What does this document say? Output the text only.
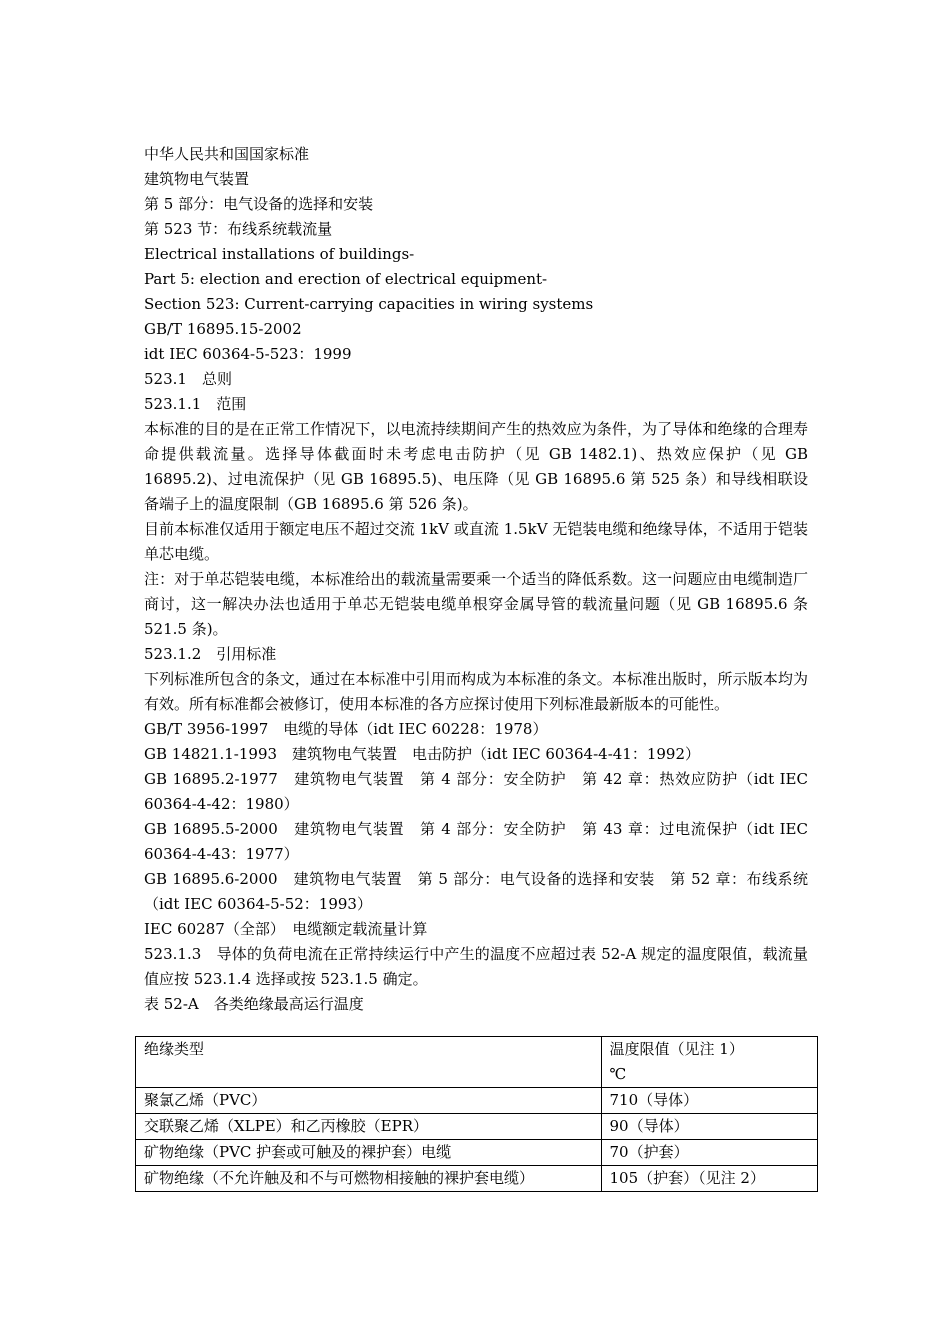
中华人民共和国国家标准
建筑物电气装置
第 5 部分：电气设备的选择和安装
第 523 节：布线系统载流量
Electrical installations of buildings-
Part 5: election and erection of electrical equipment-
Section 523: Current-carrying capacities in wiring systems
GB/T 16895.15-2002
idt IEC 60364-5-523：1999
523.1　总则
523.1.1　范围
本标准的目的是在正常工作情况下，以电流持续期间产生的热效应为条件，为了导体和绝缘的合理寿命提供载流量。选择导体截面时未考虑电击防护（见 GB 1482.1)、热效应保护（见 GB 16895.2)、过电流保护（见 GB 16895.5)、电压降（见 GB 16895.6 第 525 条）和导线相联设备端子上的温度限制（GB 16895.6 第 526 条)。
目前本标准仅适用于额定电压不超过交流 1kV 或直流 1.5kV 无铠装电缆和绝缘导体，不适用于铠装单芯电缆。
注：对于单芯铠装电缆，本标准给出的载流量需要乘一个适当的降低系数。这一问题应由电缆制造厂商讨，这一解决办法也适用于单芯无铠装电缆单根穿金属导管的载流量问题（见 GB 16895.6 条 521.5 条)。
523.1.2　引用标准
下列标准所包含的条文，通过在本标准中引用而构成为本标准的条文。本标准出版时，所示版本均为有效。所有标准都会被修订，使用本标准的各方应探讨使用下列标准最新版本的可能性。
GB/T 3956-1997　电缆的导体（idt IEC 60228：1978）
GB 14821.1-1993　建筑物电气装置　电击防护（idt IEC 60364-4-41：1992）
GB 16895.2-1977　建筑物电气装置　第 4 部分：安全防护　第 42 章：热效应防护（idt IEC 60364-4-42：1980）
GB 16895.5-2000　建筑物电气装置　第 4 部分：安全防护　第 43 章：过电流保护（idt IEC 60364-4-43：1977）
GB 16895.6-2000　建筑物电气装置　第 5 部分：电气设备的选择和安装　第 52 章：布线系统（idt IEC 60364-5-52：1993）
IEC 60287（全部）　电缆额定载流量计算
523.1.3　导体的负荷电流在正常持续运行中产生的温度不应超过表 52-A 规定的温度限值，载流量值应按 523.1.4 选择或按 523.1.5 确定。
表 52-A　各类绝缘最高运行温度
绝缘类型	温度限值（见注 1）
℃

聚氯乙烯（PVC）	710（导体）
交联聚乙烯（XLPE）和乙丙橡胶（EPR）	90（导体）
矿物绝缘（PVC 护套或可触及的裸护套）电缆	70（护套）
矿物绝缘（不允许触及和不与可燃物相接触的裸护套电缆）	105（护套）（见注 2）
